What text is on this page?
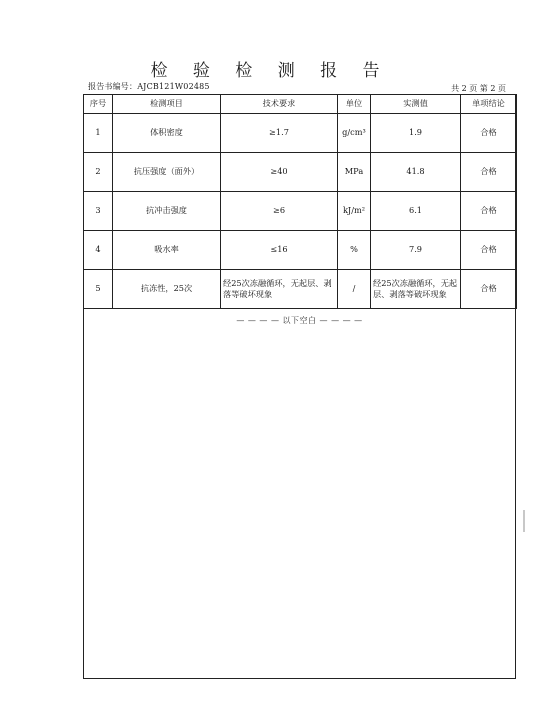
检 验 检 测 报 告
报告书编号：AJCB121W02485	共 2 页 第 2 页
序号	检测项目	技术要求	单位	实测值	单项结论
1	体积密度	≥1.7	g/cm³	1.9	合格
2	抗压强度（面外）	≥40	MPa	41.8	合格
3	抗冲击强度	≥6	kJ/m²	6.1	合格
4	吸水率	≤16	%	7.9	合格
5	抗冻性，25次	经25次冻融循环，无起层、剥落等破坏现象	/	经25次冻融循环，无起层、剥落等破坏现象	合格
— — — — 以下空白 — — — —
